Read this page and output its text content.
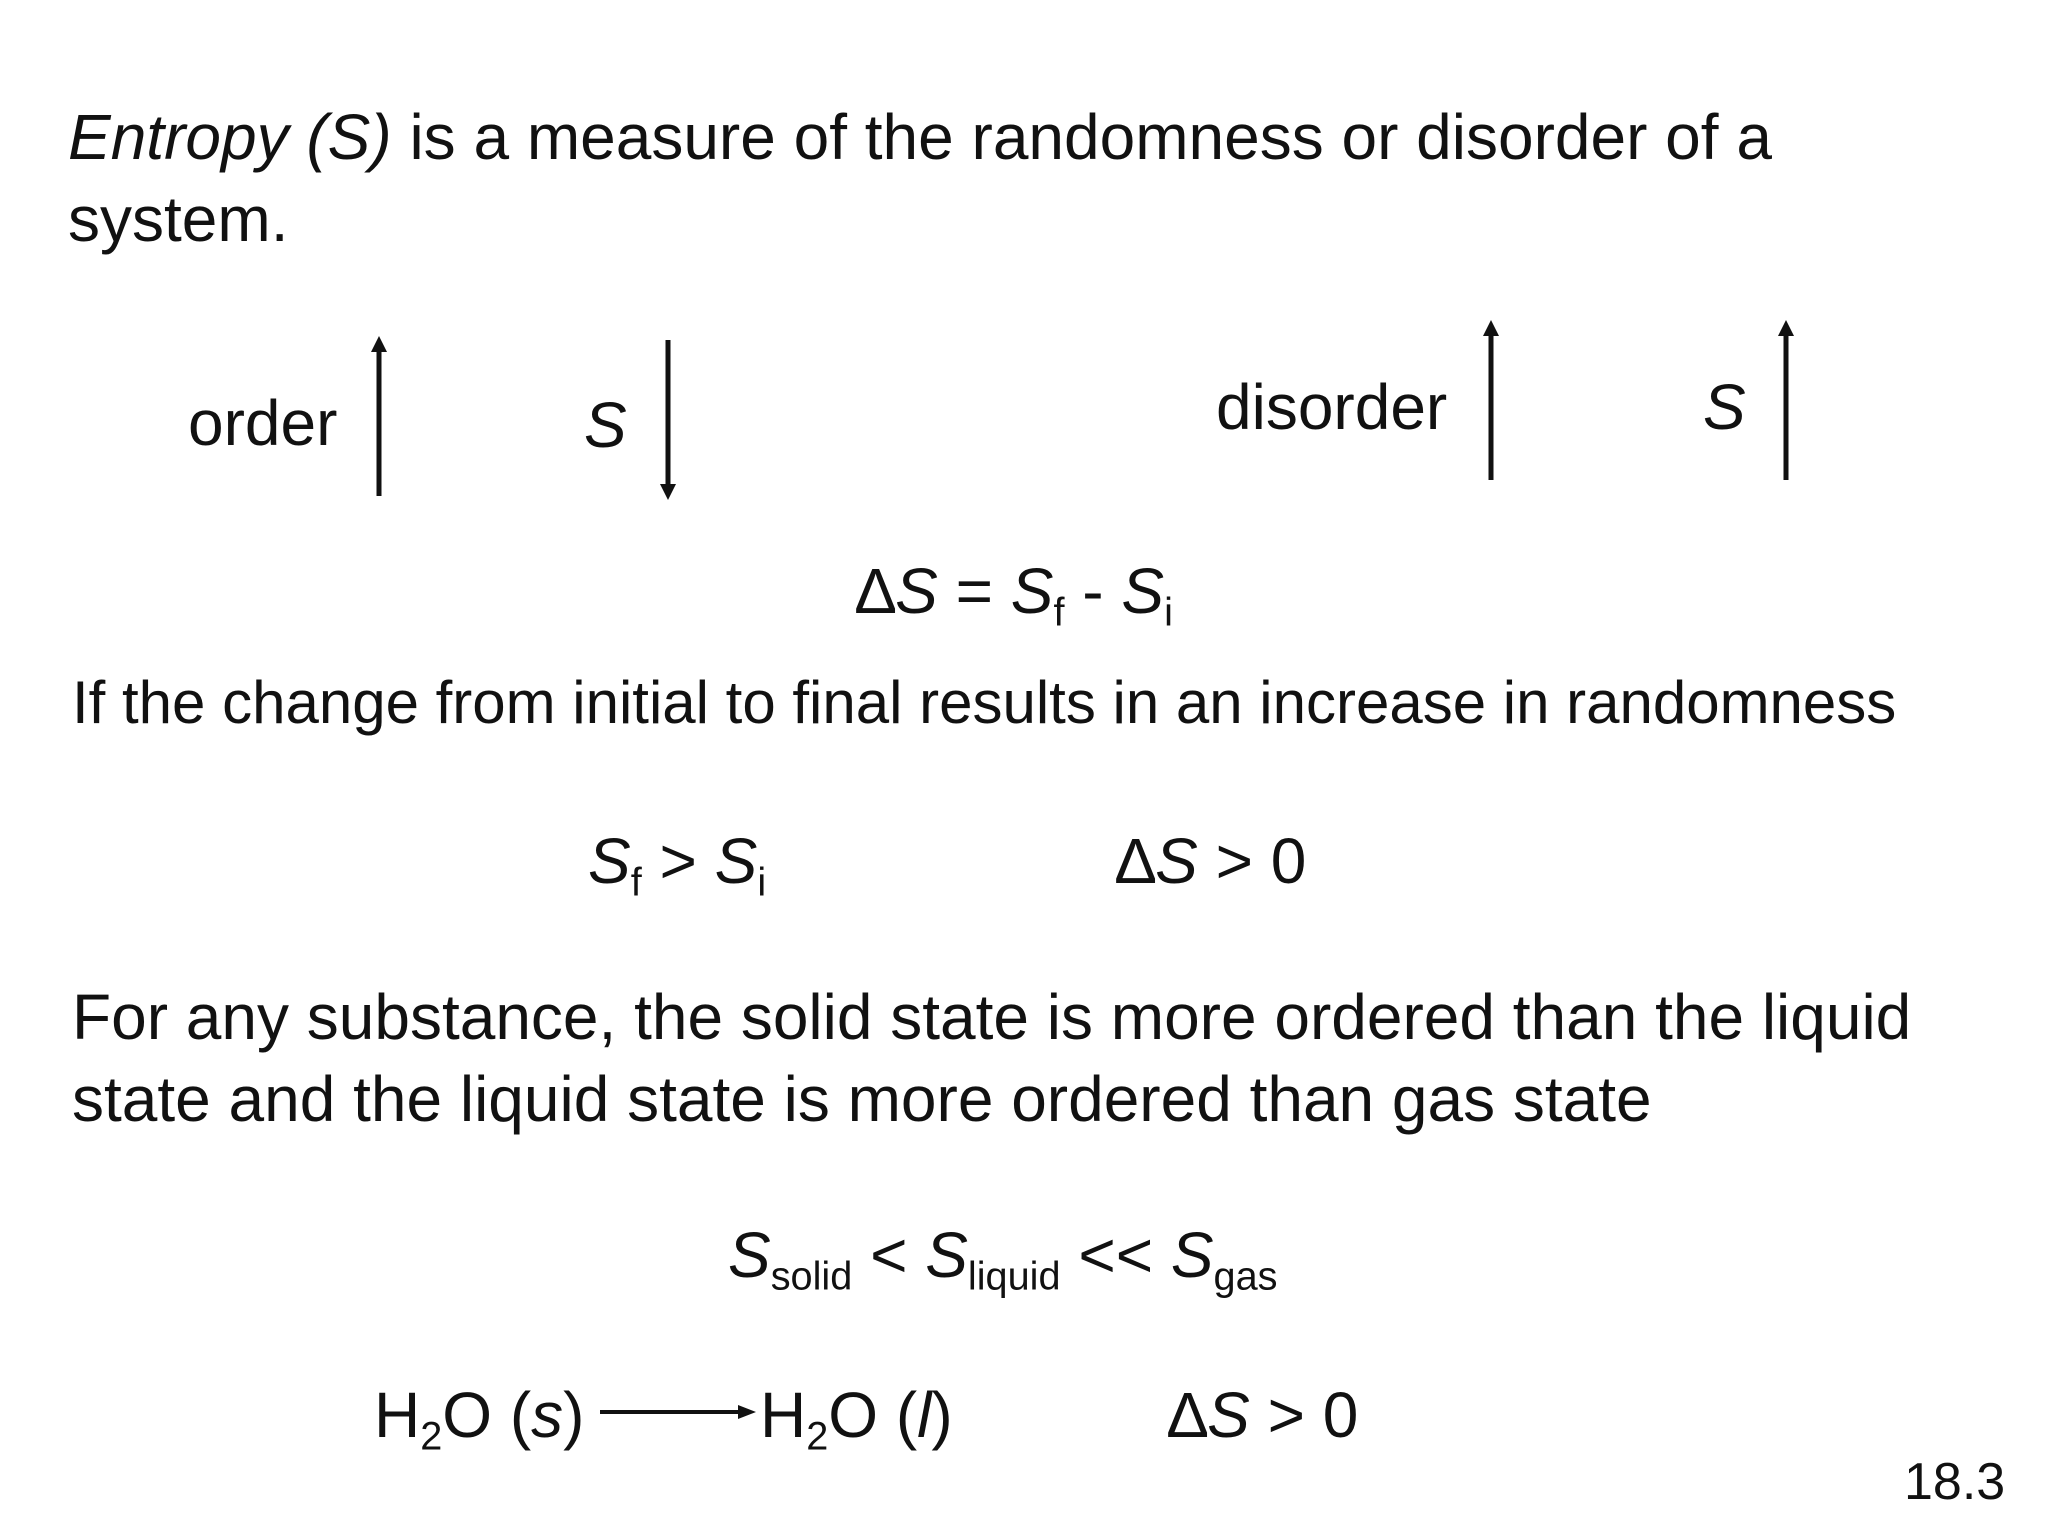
Entropy (S) is a measure of the randomness or disorder of a system.
order	S	disorder	S
$\Delta S = S_f - S_i$
If the change from initial to final results in an increase in randomness
$S_f > S_i$	∆S > 0
For any substance, the solid state is more ordered than the liquid state and the liquid state is more ordered than gas state
$S_{solid} < S_{liquid} << S_{gas}$
$H_2O$ (s)	$H_2O$ (l)	∆S > 0
18.3
